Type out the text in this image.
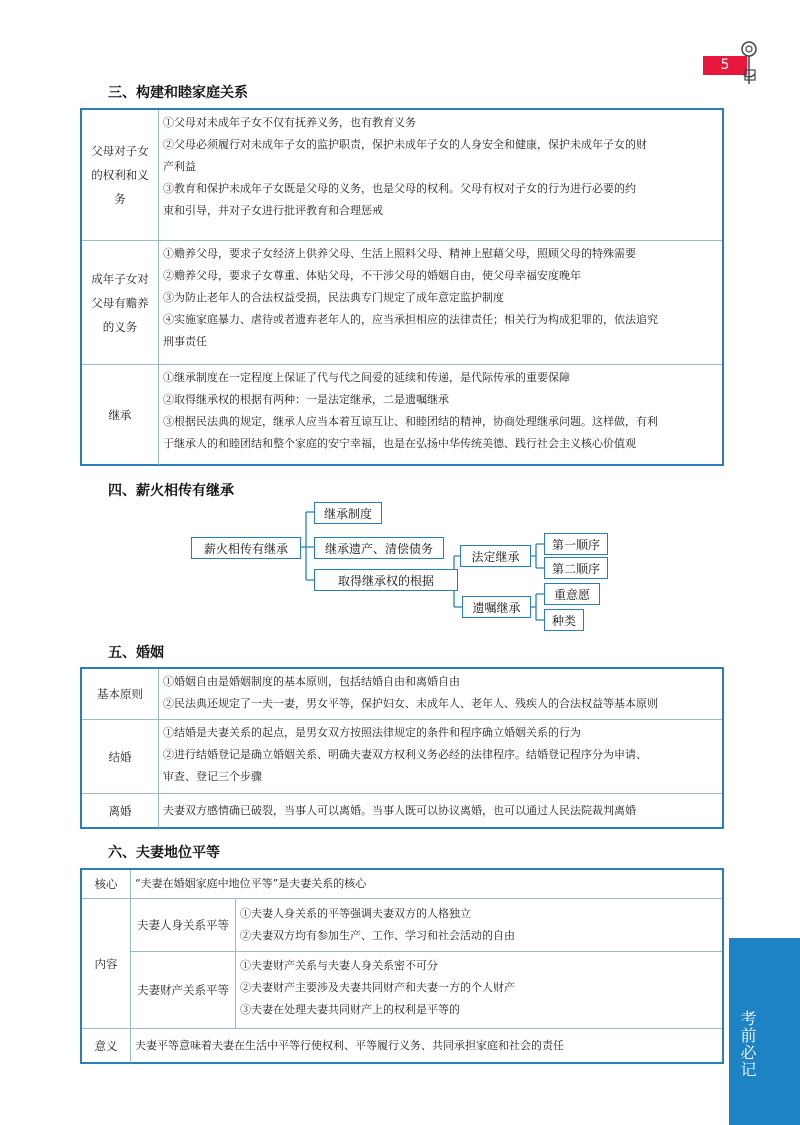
5
考前必记
三、构建和睦家庭关系
父母对子女的权利和义务
①父母对未成年子女不仅有抚养义务，也有教育义务
②父母必须履行对未成年子女的监护职责，保护未成年子女的人身安全和健康，保护未成年子女的财
产利益
③教育和保护未成年子女既是父母的义务，也是父母的权利。父母有权对子女的行为进行必要的约
束和引导，并对子女进行批评教育和合理惩戒
成年子女对父母有赡养的义务
①赡养父母，要求子女经济上供养父母、生活上照料父母、精神上慰藉父母，照顾父母的特殊需要
②赡养父母，要求子女尊重、体贴父母，不干涉父母的婚姻自由，使父母幸福安度晚年
③为防止老年人的合法权益受损，民法典专门规定了成年意定监护制度
④实施家庭暴力、虐待或者遗弃老年人的，应当承担相应的法律责任；相关行为构成犯罪的，依法追究
刑事责任
继承
①继承制度在一定程度上保证了代与代之间爱的延续和传递，是代际传承的重要保障
②取得继承权的根据有两种：一是法定继承，二是遗嘱继承
③根据民法典的规定，继承人应当本着互谅互让、和睦团结的精神，协商处理继承问题。这样做，有利
于继承人的和睦团结和整个家庭的安宁幸福，也是在弘扬中华传统美德、践行社会主义核心价值观
四、薪火相传有继承
薪火相传有继承
继承制度
继承遗产、清偿债务
取得继承权的根据
法定继承
遗嘱继承
第一顺序
第二顺序
重意愿
种类
五、婚姻
基本原则
①婚姻自由是婚姻制度的基本原则，包括结婚自由和离婚自由
②民法典还规定了一夫一妻，男女平等，保护妇女、未成年人、老年人、残疾人的合法权益等基本原则
结婚
①结婚是夫妻关系的起点，是男女双方按照法律规定的条件和程序确立婚姻关系的行为
②进行结婚登记是确立婚姻关系、明确夫妻双方权利义务必经的法律程序。结婚登记程序分为申请、
审查、登记三个步骤
离婚	夫妻双方感情确已破裂，当事人可以离婚。当事人既可以协议离婚，也可以通过人民法院裁判离婚
六、夫妻地位平等
核心	“夫妻在婚姻家庭中地位平等”是夫妻关系的核心
内容
夫妻人身关系平等
①夫妻人身关系的平等强调夫妻双方的人格独立
②夫妻双方均有参加生产、工作、学习和社会活动的自由
夫妻财产关系平等
①夫妻财产关系与夫妻人身关系密不可分
②夫妻财产主要涉及夫妻共同财产和夫妻一方的个人财产
③夫妻在处理夫妻共同财产上的权利是平等的
意义	夫妻平等意味着夫妻在生活中平等行使权利、平等履行义务、共同承担家庭和社会的责任
